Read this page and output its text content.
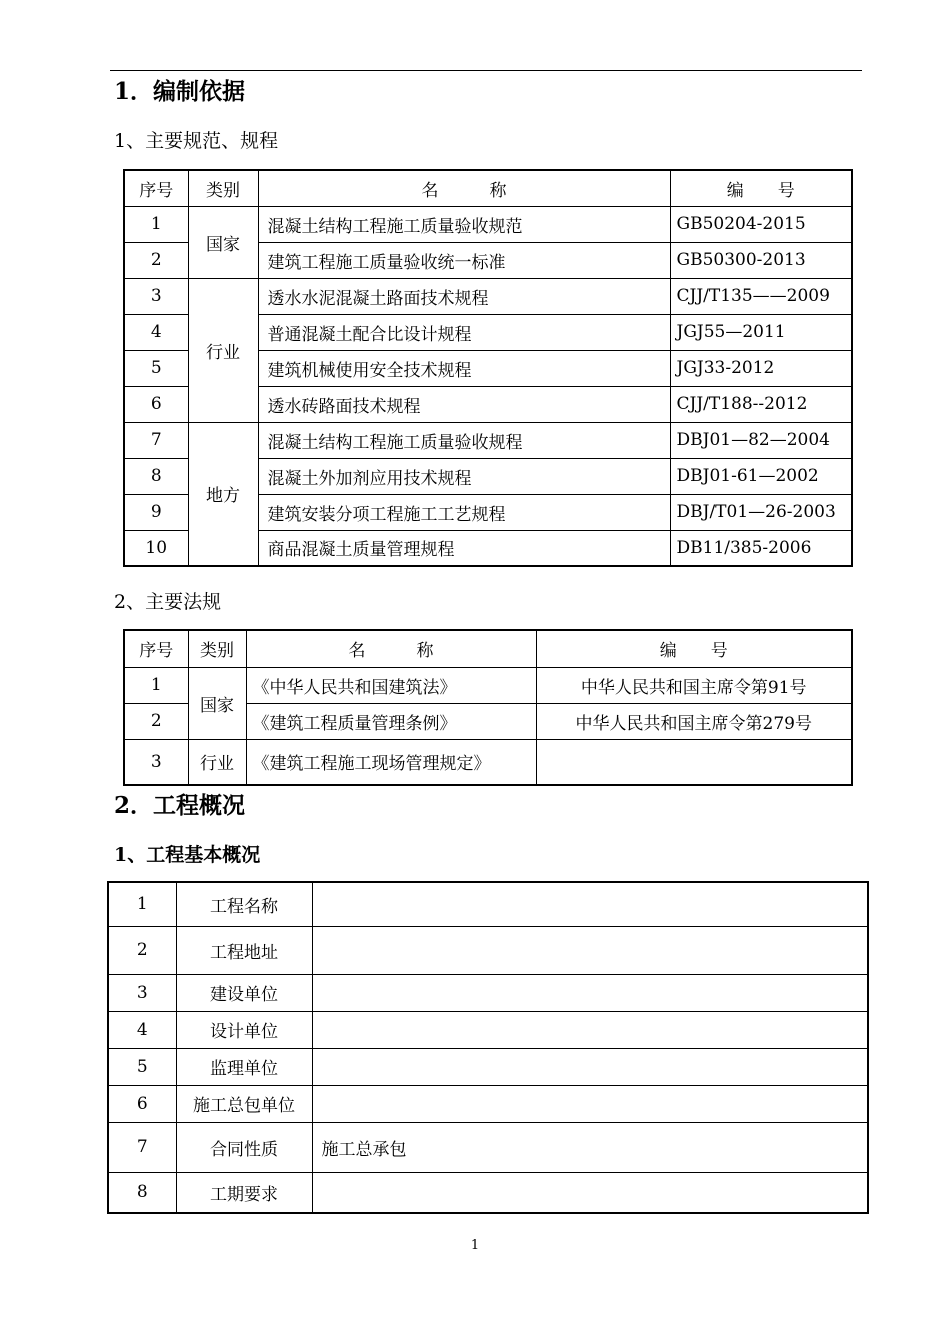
1．编制依据
1、主要规范、规程
序号	类别	名　　　称	编　　号
1	国家	混凝土结构工程施工质量验收规范	GB50204-2015
2		建筑工程施工质量验收统一标准	GB50300-2013
3	行业	透水水泥混凝土路面技术规程	CJJ/T135——2009
4		普通混凝土配合比设计规程	JGJ55—2011
5		建筑机械使用安全技术规程	JGJ33-2012
6		透水砖路面技术规程	CJJ/T188--2012
7	地方	混凝土结构工程施工质量验收规程	DBJ01—82—2004
8		混凝土外加剂应用技术规程	DBJ01-61—2002
9		建筑安装分项工程施工工艺规程	DBJ/T01—26-2003
10		商品混凝土质量管理规程	DB11/385-2006
2、主要法规
序号	类别	名　　　称	编　　号
1	国家	《中华人民共和国建筑法》	中华人民共和国主席令第91号
2		《建筑工程质量管理条例》	中华人民共和国主席令第279号
3	行业	《建筑工程施工现场管理规定》	
2．工程概况
1、工程基本概况
1	工程名称	
2	工程地址	
3	建设单位	
4	设计单位	
5	监理单位	
6	施工总包单位	
7	合同性质	施工总承包
8	工期要求	
1
